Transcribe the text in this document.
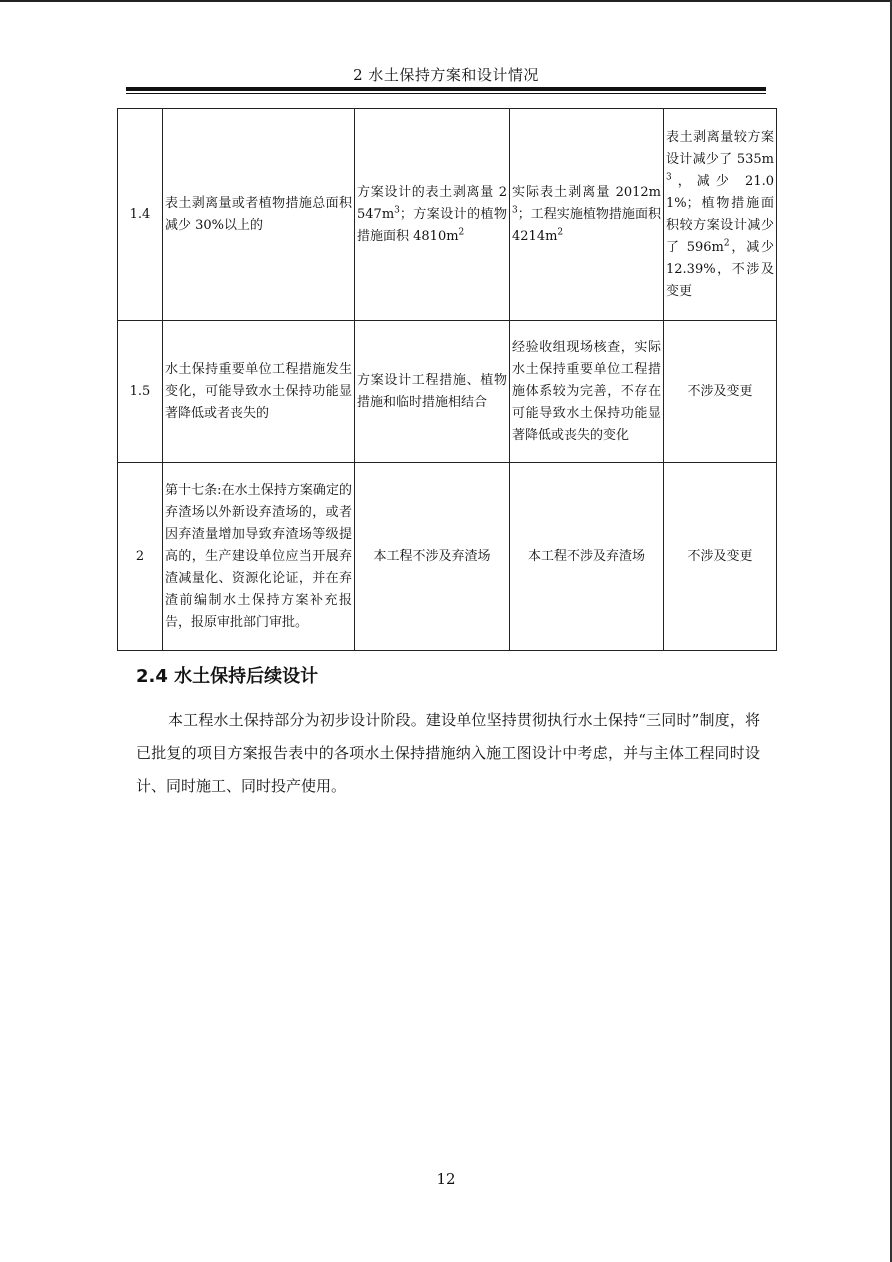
2 水土保持方案和设计情况
1.4	表土剥离量或者植物措施总面积减少 30%以上的	方案设计的表土剥离量 $2547m^3$；方案设计的植物措施面积 $4810m^2$	实际表土剥离量 $2012m^3$；工程实施植物措施面积 $4214m^2$	表土剥离量较方案设计减少了 $535m^3$，减少 21.01%；植物措施面积较方案设计减少了 $596m^2$，减少 12.39%，不涉及变更
1.5	水土保持重要单位工程措施发生变化，可能导致水土保持功能显著降低或者丧失的	方案设计工程措施、植物措施和临时措施相结合	经验收组现场核查，实际水土保持重要单位工程措施体系较为完善，不存在可能导致水土保持功能显著降低或丧失的变化	不涉及变更
2	第十七条:在水土保持方案确定的弃渣场以外新设弃渣场的，或者因弃渣量增加导致弃渣场等级提高的，生产建设单位应当开展弃渣减量化、资源化论证，并在弃渣前编制水土保持方案补充报告，报原审批部门审批。	本工程不涉及弃渣场	本工程不涉及弃渣场	不涉及变更
2.4 水土保持后续设计
本工程水土保持部分为初步设计阶段。建设单位坚持贯彻执行水土保持“三同时”制度，将已批复的项目方案报告表中的各项水土保持措施纳入施工图设计中考虑，并与主体工程同时设计、同时施工、同时投产使用。
12
